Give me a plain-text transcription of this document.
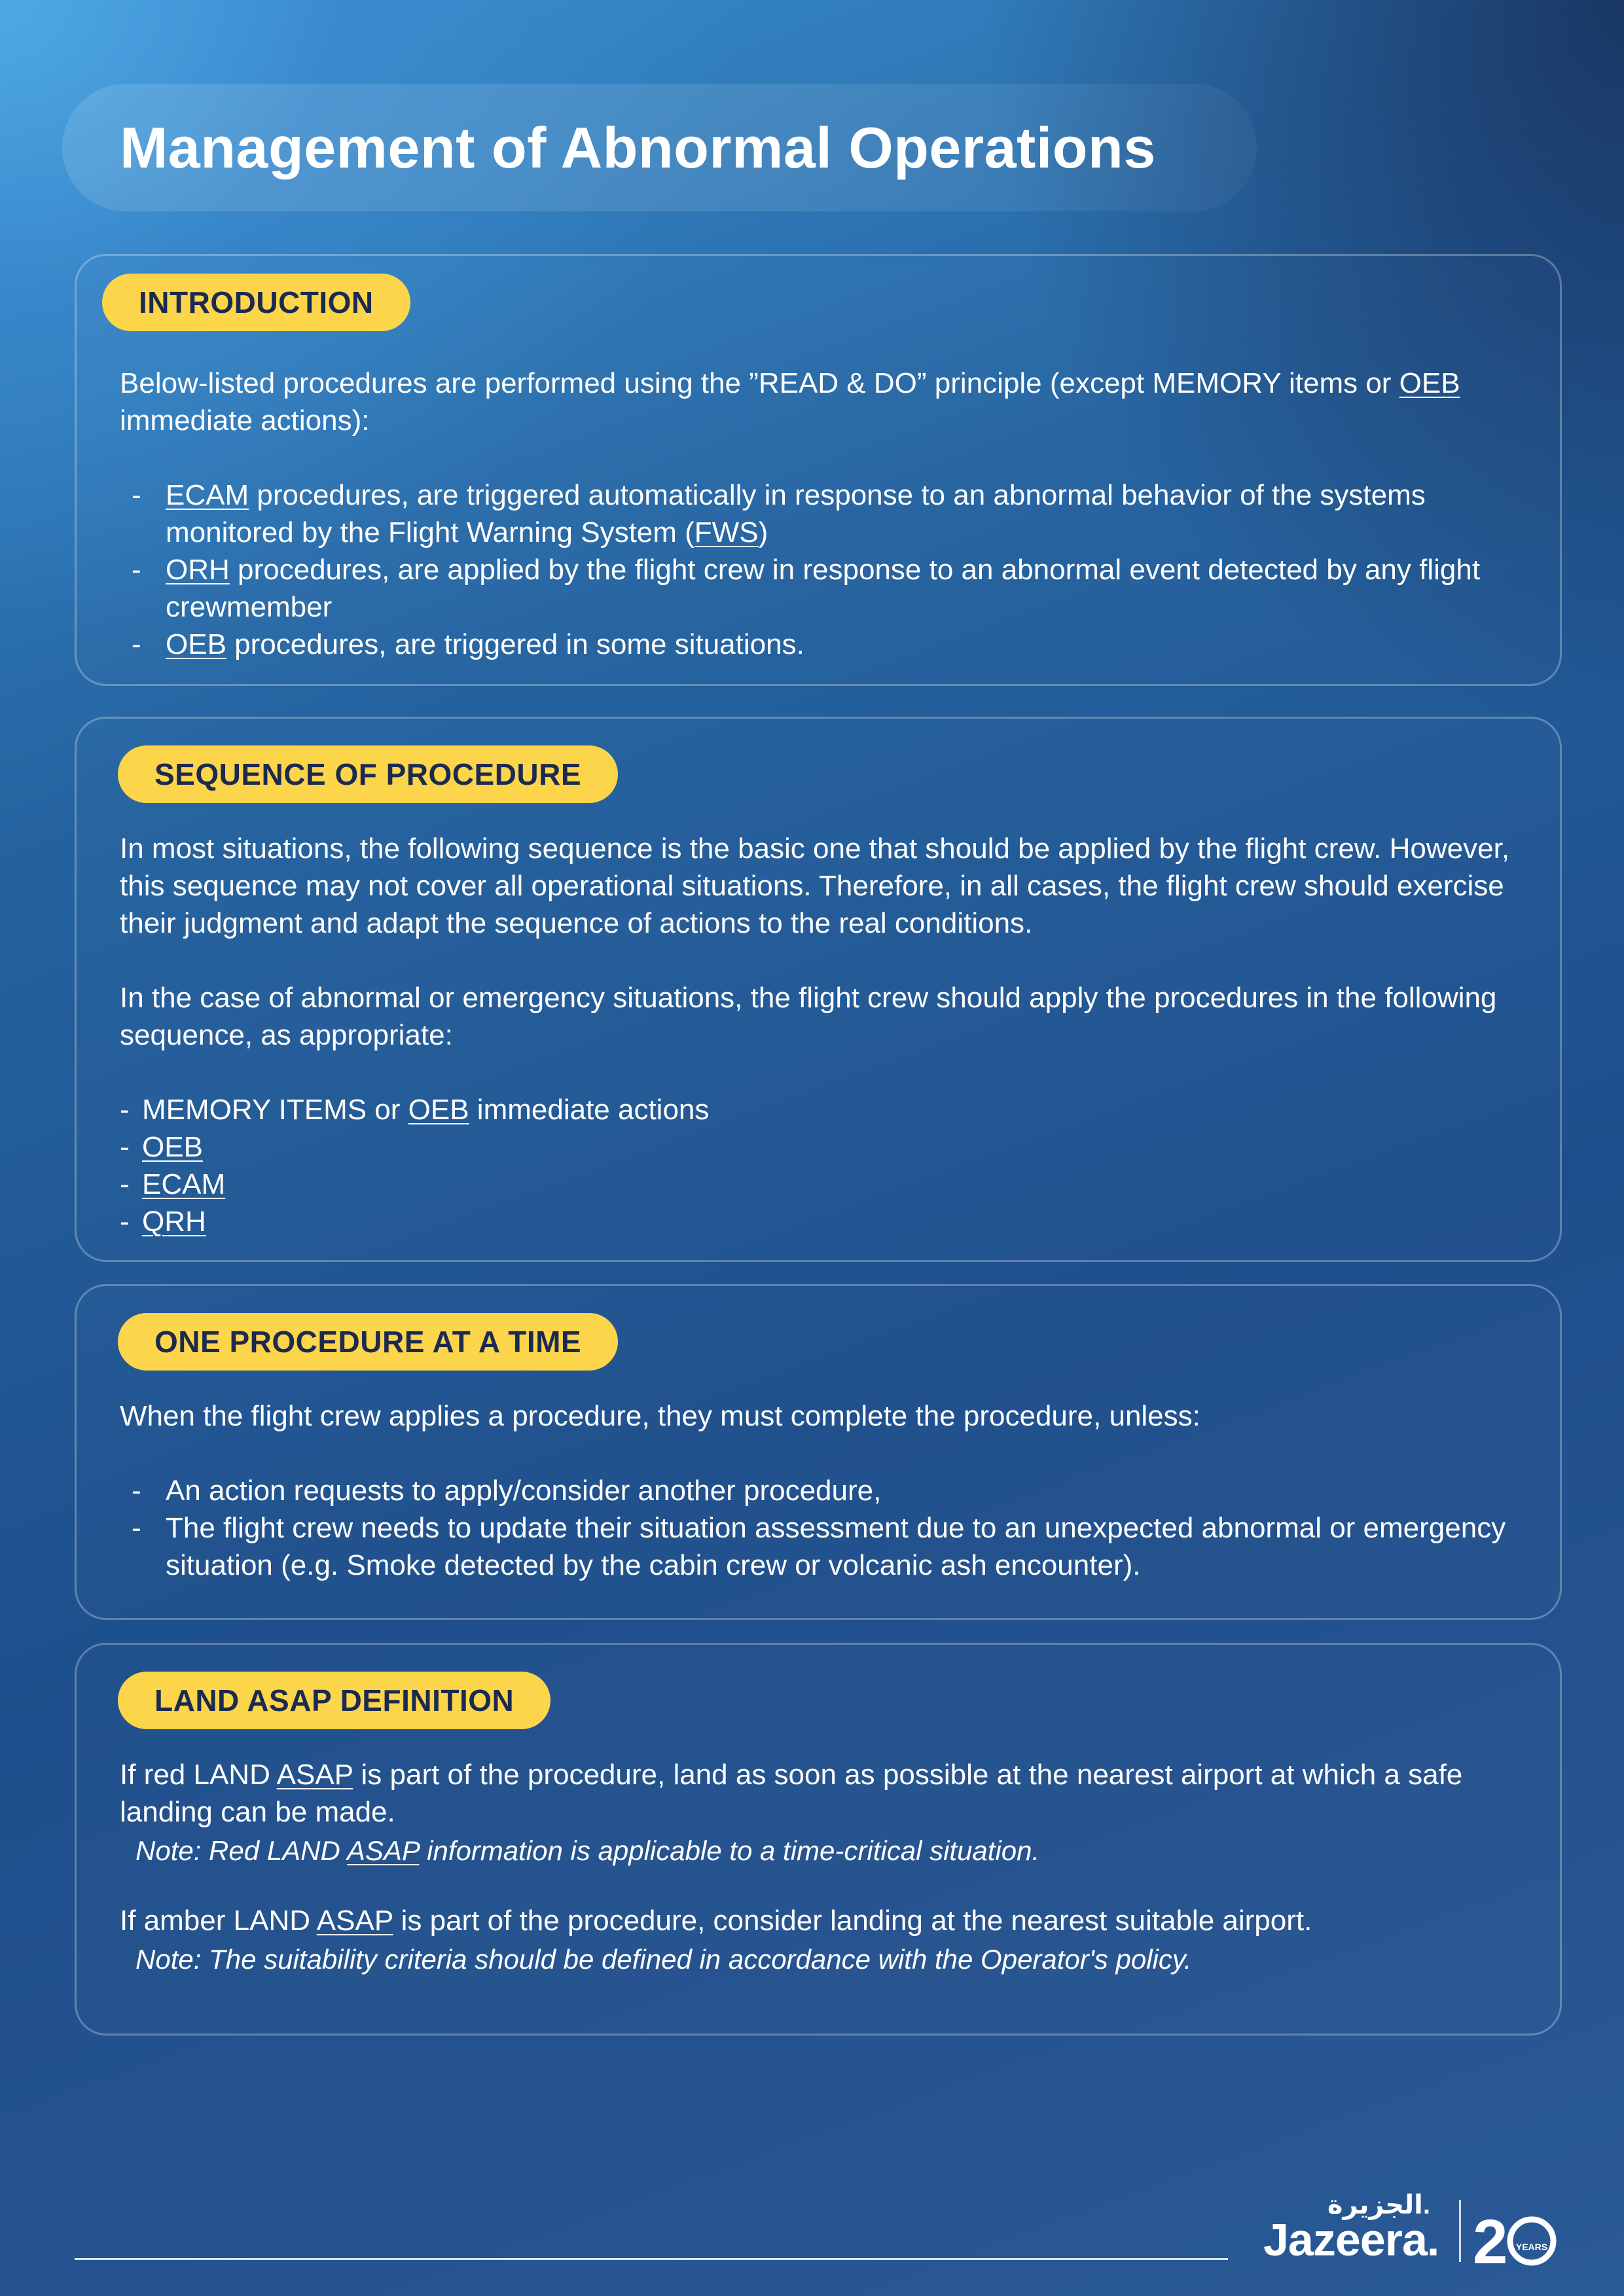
Management of Abnormal Operations
INTRODUCTION

Below-listed procedures are performed using the ”READ & DO” principle (except MEMORY items or OEB immediate actions):

- ECAM procedures, are triggered automatically in response to an abnormal behavior of the systems monitored by the Flight Warning System (FWS)

- ORH procedures, are applied by the flight crew in response to an abnormal event detected by any flight crewmember

- OEB procedures, are triggered in some situations.

SEQUENCE OF PROCEDURE

In most situations, the following sequence is the basic one that should be applied by the flight crew. However, this sequence may not cover all operational situations. Therefore, in all cases, the flight crew should exercise their judgment and adapt the sequence of actions to the real conditions.

In the case of abnormal or emergency situations, the flight crew should apply the procedures in the following sequence, as appropriate:

- MEMORY ITEMS or OEB immediate actions

- OEB

- ECAM

- QRH

ONE PROCEDURE AT A TIME

When the flight crew applies a procedure, they must complete the procedure, unless:

- An action requests to apply/consider another procedure,

- The flight crew needs to update their situation assessment due to an unexpected abnormal or emergency situation (e.g. Smoke detected by the cabin crew or volcanic ash encounter).

LAND ASAP DEFINITION

If red LAND ASAP is part of the procedure, land as soon as possible at the nearest airport at which a safe landing can be made.

Note: Red LAND ASAP information is applicable to a time-critical situation.

If amber LAND ASAP is part of the procedure, consider landing at the nearest suitable airport.

Note: The suitability criteria should be defined in accordance with the Operator's policy.

الجزيرة.
Jazeera. 2 YEARS
